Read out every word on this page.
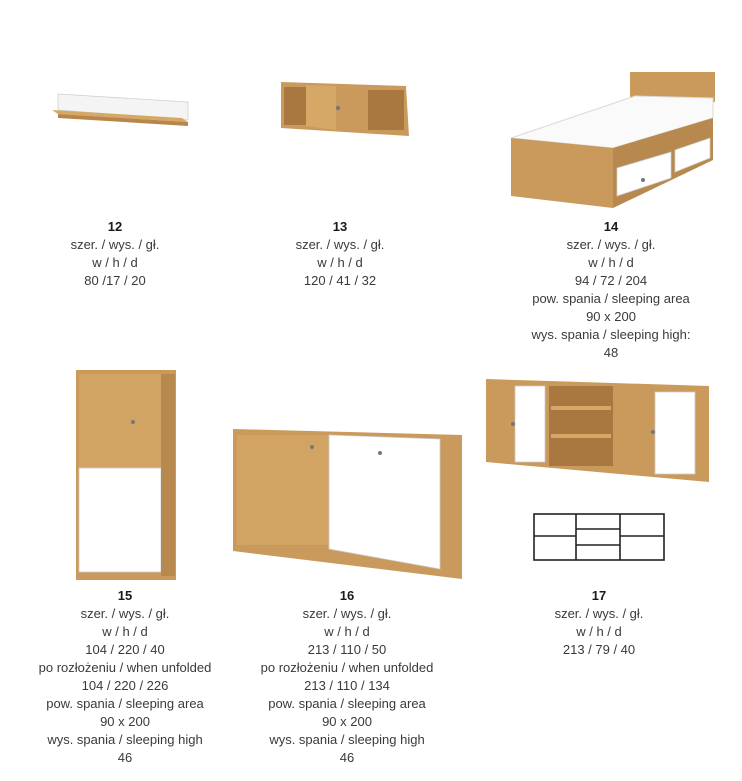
12
szer. / wys. / gł.
w / h / d
80 /17 / 20
13
szer. / wys. / gł.
w / h / d
120 / 41 / 32
14
szer. / wys. / gł.
w / h / d
94 / 72 / 204
pow. spania / sleeping area
90 x 200
wys. spania / sleeping high:
48
15
szer. / wys. / gł.
w / h / d
104 / 220 / 40
po rozłożeniu / when unfolded
104 / 220 / 226
pow. spania / sleeping area
90 x 200
wys. spania / sleeping high
46
16
szer. / wys. / gł.
w / h / d
213 / 110 / 50
po rozłożeniu / when unfolded
213 / 110 / 134
pow. spania / sleeping area
90 x 200
wys. spania / sleeping high
46
17
szer. / wys. / gł.
w / h / d
213 / 79 / 40
